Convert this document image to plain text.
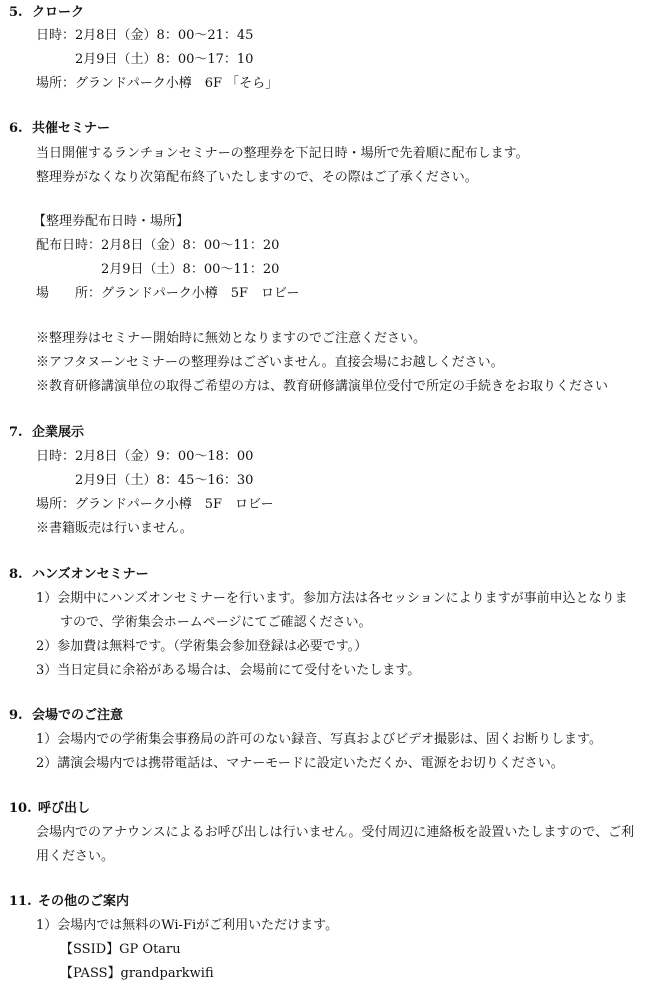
5. クローク
日時：2月8日（金）8：00〜21：45
2月9日（土）8：00〜17：10
場所：グランドパーク小樽　6F 「そら」
6. 共催セミナー
当日開催するランチョンセミナーの整理券を下記日時・場所で先着順に配布します。
整理券がなくなり次第配布終了いたしますので、その際はご了承ください。
【整理券配布日時・場所】
配布日時：2月8日（金）8：00〜11：20
2月9日（土）8：00〜11：20
場　　所：グランドパーク小樽　5F　ロビー
※整理券はセミナー開始時に無効となりますのでご注意ください。
※アフタヌーンセミナーの整理券はございません。直接会場にお越しください。
※教育研修講演単位の取得ご希望の方は、教育研修講演単位受付で所定の手続きをお取りください
7. 企業展示
日時：2月8日（金）9：00〜18：00
2月9日（土）8：45〜16：30
場所：グランドパーク小樽　5F　ロビー
※書籍販売は行いません。
8. ハンズオンセミナー
1）会期中にハンズオンセミナーを行います。参加方法は各セッションによりますが事前申込となりま
すので、学術集会ホームページにてご確認ください。
2）参加費は無料です。（学術集会参加登録は必要です。）
3）当日定員に余裕がある場合は、会場前にて受付をいたします。
9. 会場でのご注意
1）会場内での学術集会事務局の許可のない録音、写真およびビデオ撮影は、固くお断りします。
2）講演会場内では携帯電話は、マナーモードに設定いただくか、電源をお切りください。
10. 呼び出し
会場内でのアナウンスによるお呼び出しは行いません。受付周辺に連絡板を設置いたしますので、ご利
用ください。
11. その他のご案内
1）会場内では無料のWi-Fiがご利用いただけます。
【SSID】GP Otaru
【PASS】grandparkwifi
